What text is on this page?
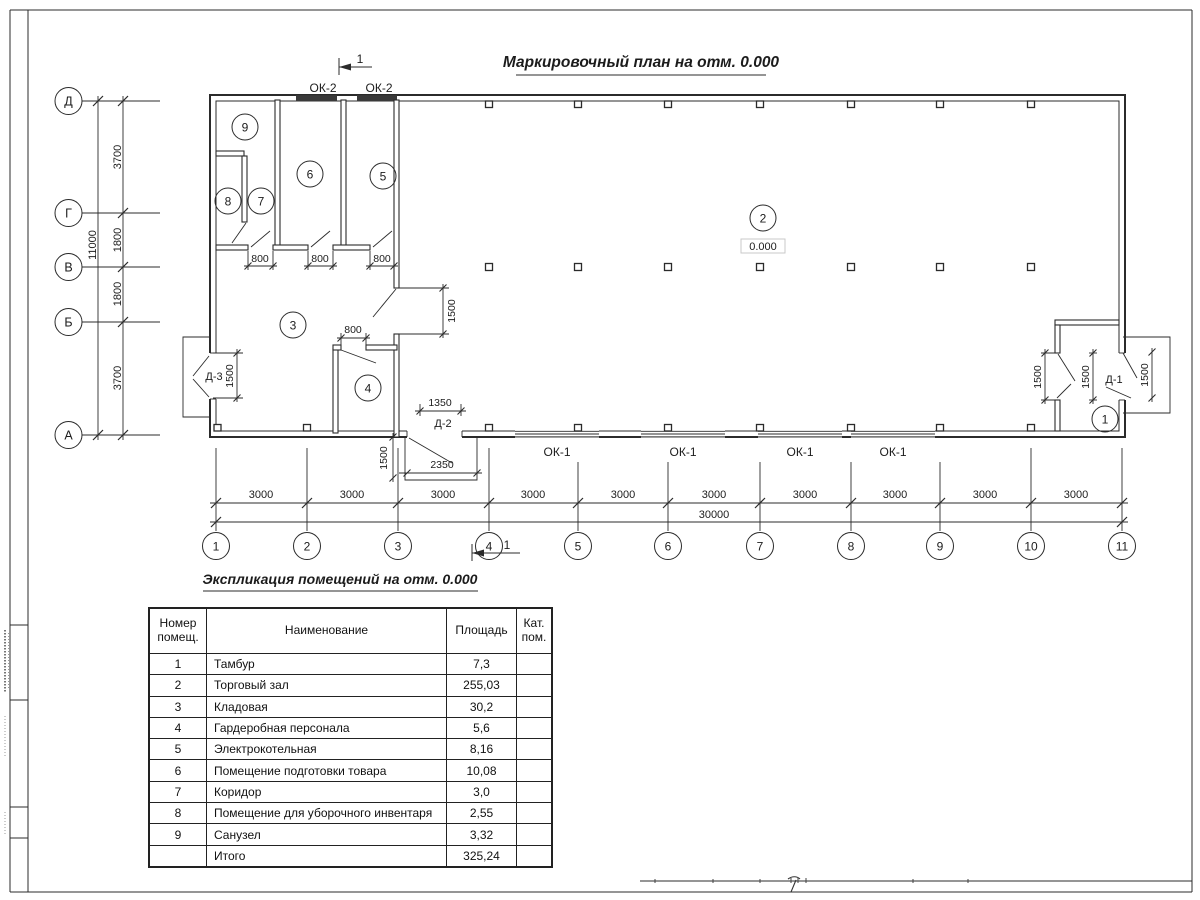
Маркировочный план на отм. 0.000
Экспликация помещений на отм. 0.000
Д
Г
В
Б
А
11000
3700
1800
1800
3700
9
6	5
8 7
3
4
2
1
0.000
ОК-2 ОК-2
ОК-1	ОК-1	ОК-1	ОК-1
Д-3
Д-2
Д-1
800	800	800
800
1500
1500
1350
2350
1500
1500	1500	1500
3000	3000	3000	3000	3000	3000	3000	3000	3000	3000
30000
1	2	3	4	5	6	7	8	9	10	11
1
1
Номер помещ.	Наименование	Площадь	Кат. пом.
1	Тамбур	7,3	
2	Торговый зал	255,03	
3	Кладовая	30,2	
4	Гардеробная персонала	5,6	
5	Электрокотельная	8,16	
6	Помещение подготовки товара	10,08	
7	Коридор	3,0	
8	Помещение для уборочного инвентаря	2,55	
9	Санузел	3,32	
	Итого	325,24	
